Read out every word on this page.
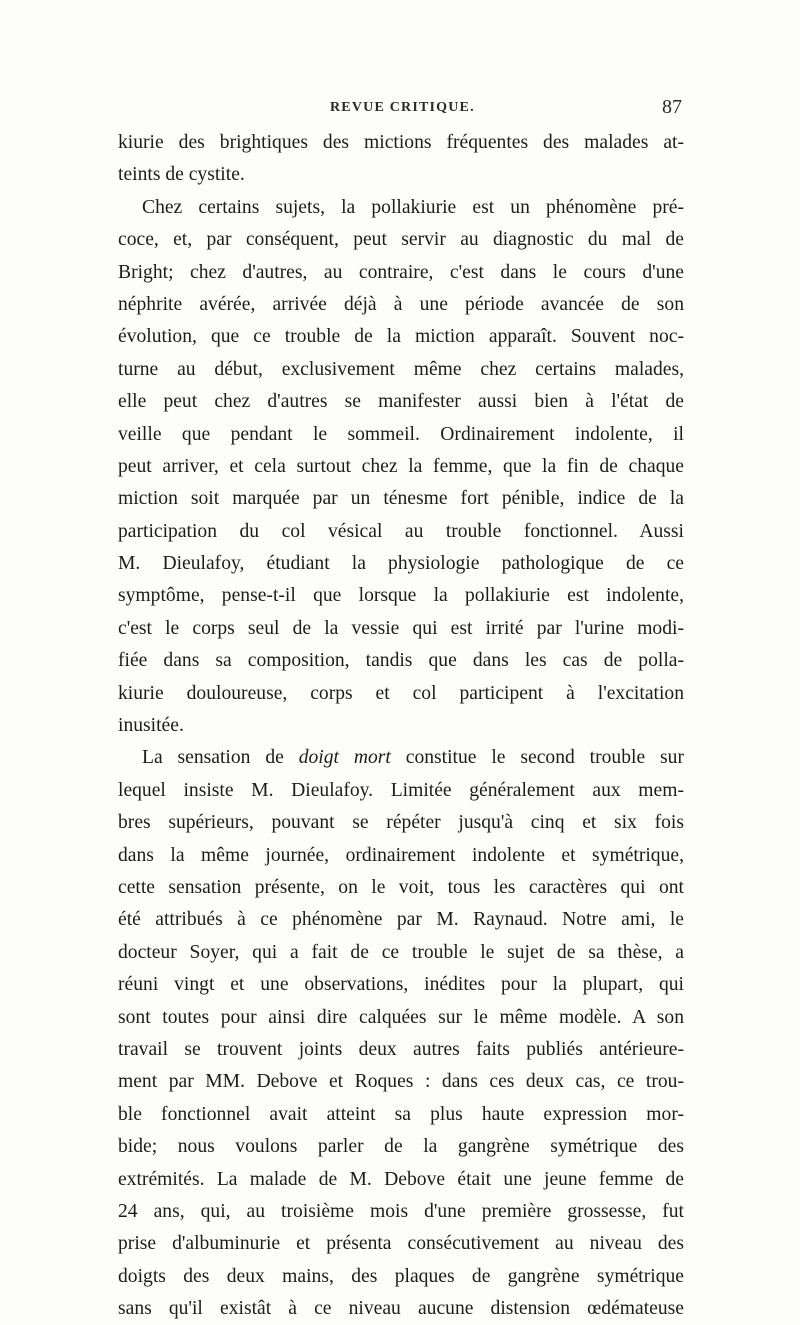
REVUE CRITIQUE.	87
kiurie des brightiques des mictions fréquentes des malades at-
teints de cystite.
Chez certains sujets, la pollakiurie est un phénomène pré-
coce, et, par conséquent, peut servir au diagnostic du mal de
Bright; chez d'autres, au contraire, c'est dans le cours d'une
néphrite avérée, arrivée déjà à une période avancée de son
évolution, que ce trouble de la miction apparaît. Souvent noc-
turne au début, exclusivement même chez certains malades,
elle peut chez d'autres se manifester aussi bien à l'état de
veille que pendant le sommeil. Ordinairement indolente, il
peut arriver, et cela surtout chez la femme, que la fin de chaque
miction soit marquée par un ténesme fort pénible, indice de la
participation du col vésical au trouble fonctionnel. Aussi
M. Dieulafoy, étudiant la physiologie pathologique de ce
symptôme, pense-t-il que lorsque la pollakiurie est indolente,
c'est le corps seul de la vessie qui est irrité par l'urine modi-
fiée dans sa composition, tandis que dans les cas de polla-
kiurie douloureuse, corps et col participent à l'excitation
inusitée.
La sensation de doigt mort constitue le second trouble sur
lequel insiste M. Dieulafoy. Limitée généralement aux mem-
bres supérieurs, pouvant se répéter jusqu'à cinq et six fois
dans la même journée, ordinairement indolente et symétrique,
cette sensation présente, on le voit, tous les caractères qui ont
été attribués à ce phénomène par M. Raynaud. Notre ami, le
docteur Soyer, qui a fait de ce trouble le sujet de sa thèse, a
réuni vingt et une observations, inédites pour la plupart, qui
sont toutes pour ainsi dire calquées sur le même modèle. A son
travail se trouvent joints deux autres faits publiés antérieure-
ment par MM. Debove et Roques : dans ces deux cas, ce trou-
ble fonctionnel avait atteint sa plus haute expression mor-
bide; nous voulons parler de la gangrène symétrique des
extrémités. La malade de M. Debove était une jeune femme de
24 ans, qui, au troisième mois d'une première grossesse, fut
prise d'albuminurie et présenta consécutivement au niveau des
doigts des deux mains, des plaques de gangrène symétrique
sans qu'il existât à ce niveau aucune distension œdémateuse
